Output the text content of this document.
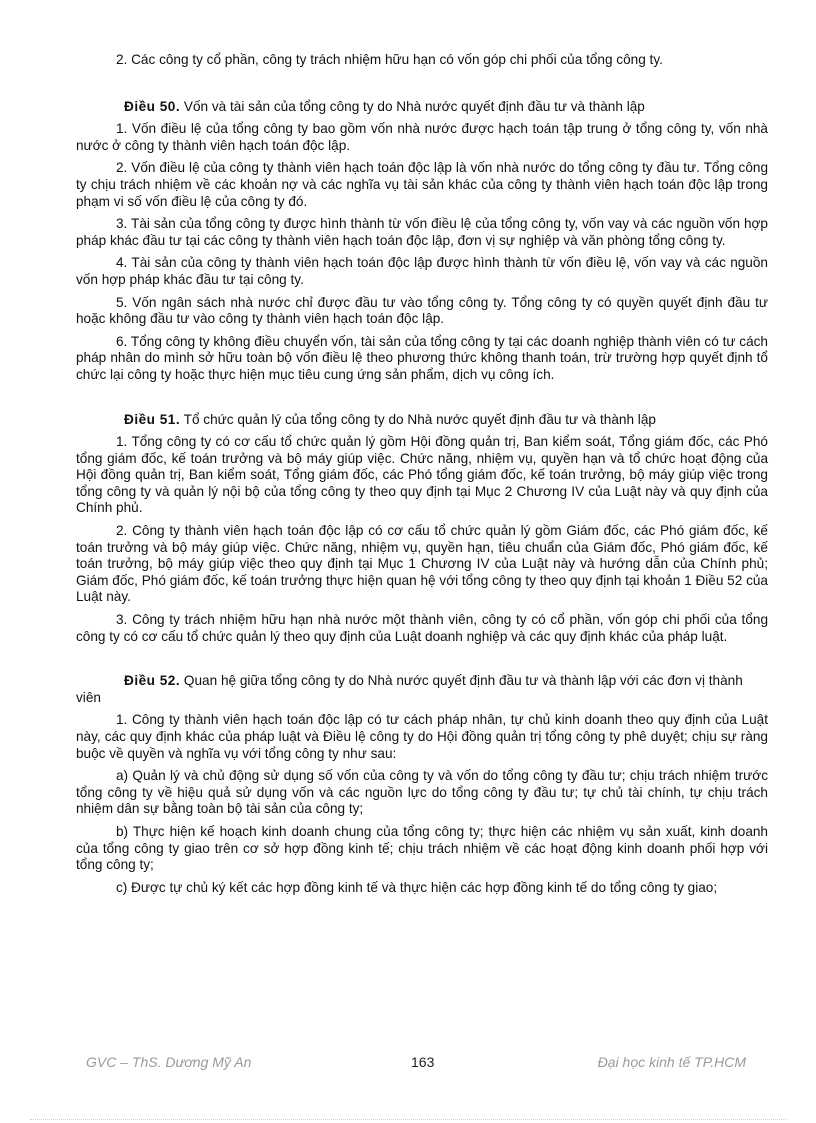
2. Các công ty cổ phần, công ty trách nhiệm hữu hạn có vốn góp chi phối của tổng công ty.

Điều 50. Vốn và tài sản của tổng công ty do Nhà nước quyết định đầu tư và thành lập

1. Vốn điều lệ của tổng công ty bao gồm vốn nhà nước được hạch toán tập trung ở tổng công ty, vốn nhà nước ở công ty thành viên hạch toán độc lập.

2. Vốn điều lệ của công ty thành viên hạch toán độc lập là vốn nhà nước do tổng công ty đầu tư. Tổng công ty chịu trách nhiệm về các khoản nợ và các nghĩa vụ tài sản khác của công ty thành viên hạch toán độc lập trong phạm vi số vốn điều lệ của công ty đó.

3. Tài sản của tổng công ty được hình thành từ vốn điều lệ của tổng công ty, vốn vay và các nguồn vốn hợp pháp khác đầu tư tại các công ty thành viên hạch toán độc lập, đơn vị sự nghiệp và văn phòng tổng công ty.

4. Tài sản của công ty thành viên hạch toán độc lập được hình thành từ vốn điều lệ, vốn vay và các nguồn vốn hợp pháp khác đầu tư tại công ty.

5. Vốn ngân sách nhà nước chỉ được đầu tư vào tổng công ty. Tổng công ty có quyền quyết định đầu tư hoặc không đầu tư vào công ty thành viên hạch toán độc lập.

6. Tổng công ty không điều chuyển vốn, tài sản của tổng công ty tại các doanh nghiệp thành viên có tư cách pháp nhân do mình sở hữu toàn bộ vốn điều lệ theo phương thức không thanh toán, trừ trường hợp quyết định tổ chức lại công ty hoặc thực hiện mục tiêu cung ứng sản phẩm, dịch vụ công ích.

Điều 51. Tổ chức quản lý của tổng công ty do Nhà nước quyết định đầu tư và thành lập

1. Tổng công ty có cơ cấu tổ chức quản lý gồm Hội đồng quản trị, Ban kiểm soát, Tổng giám đốc, các Phó tổng giám đốc, kế toán trưởng và bộ máy giúp việc. Chức năng, nhiệm vụ, quyền hạn và tổ chức hoạt động của Hội đồng quản trị, Ban kiểm soát, Tổng giám đốc, các Phó tổng giám đốc, kế toán trưởng, bộ máy giúp việc trong tổng công ty và quản lý nội bộ của tổng công ty theo quy định tại Mục 2 Chương IV của Luật này và quy định của Chính phủ.

2. Công ty thành viên hạch toán độc lập có cơ cấu tổ chức quản lý gồm Giám đốc, các Phó giám đốc, kế toán trưởng và bộ máy giúp việc. Chức năng, nhiệm vụ, quyền hạn, tiêu chuẩn của Giám đốc, Phó giám đốc, kế toán trưởng, bộ máy giúp việc theo quy định tại Mục 1 Chương IV của Luật này và hướng dẫn của Chính phủ; Giám đốc, Phó giám đốc, kế toán trưởng thực hiện quan hệ với tổng công ty theo quy định tại khoản 1 Điều 52 của Luật này.

3. Công ty trách nhiệm hữu hạn nhà nước một thành viên, công ty có cổ phần, vốn góp chi phối của tổng công ty có cơ cấu tổ chức quản lý theo quy định của Luật doanh nghiệp và các quy định khác của pháp luật.

Điều 52. Quan hệ giữa tổng công ty do Nhà nước quyết định đầu tư và thành lập với các đơn vị thành viên

1. Công ty thành viên hạch toán độc lập có tư cách pháp nhân, tự chủ kinh doanh theo quy định của Luật này, các quy định khác của pháp luật và Điều lệ công ty do Hội đồng quản trị tổng công ty phê duyệt; chịu sự ràng buộc về quyền và nghĩa vụ với tổng công ty như sau:

a) Quản lý và chủ động sử dụng số vốn của công ty và vốn do tổng công ty đầu tư; chịu trách nhiệm trước tổng công ty về hiệu quả sử dụng vốn và các nguồn lực do tổng công ty đầu tư; tự chủ tài chính, tự chịu trách nhiệm dân sự bằng toàn bộ tài sản của công ty;

b) Thực hiện kế hoạch kinh doanh chung của tổng công ty; thực hiện các nhiệm vụ sản xuất, kinh doanh của tổng công ty giao trên cơ sở hợp đồng kinh tế; chịu trách nhiệm về các hoạt động kinh doanh phối hợp với tổng công ty;

c) Được tự chủ ký kết các hợp đồng kinh tế và thực hiện các hợp đồng kinh tế do tổng công ty giao;

GVC – ThS. Dương Mỹ An	163	Đại học kinh tế TP.HCM
